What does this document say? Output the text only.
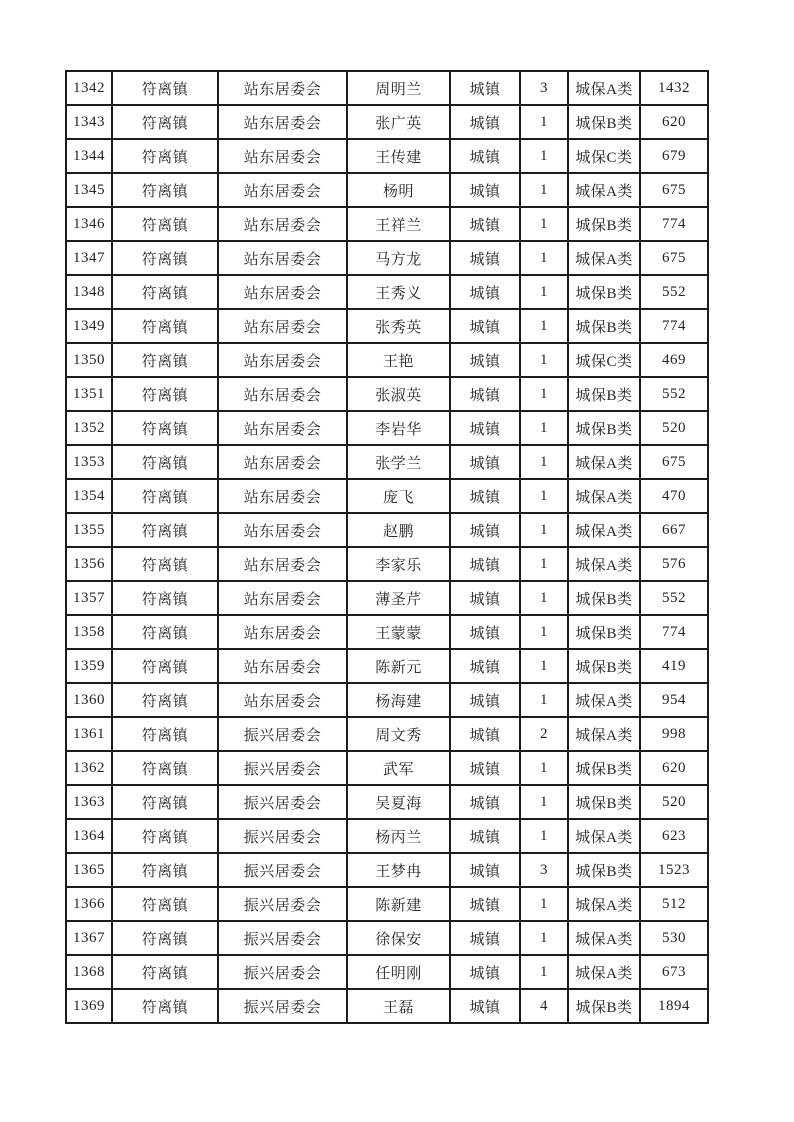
1342	符离镇	站东居委会	周明兰	城镇	3	城保A类	1432
1343	符离镇	站东居委会	张广英	城镇	1	城保B类	620
1344	符离镇	站东居委会	王传建	城镇	1	城保C类	679
1345	符离镇	站东居委会	杨明	城镇	1	城保A类	675
1346	符离镇	站东居委会	王祥兰	城镇	1	城保B类	774
1347	符离镇	站东居委会	马方龙	城镇	1	城保A类	675
1348	符离镇	站东居委会	王秀义	城镇	1	城保B类	552
1349	符离镇	站东居委会	张秀英	城镇	1	城保B类	774
1350	符离镇	站东居委会	王艳	城镇	1	城保C类	469
1351	符离镇	站东居委会	张淑英	城镇	1	城保B类	552
1352	符离镇	站东居委会	李岩华	城镇	1	城保B类	520
1353	符离镇	站东居委会	张学兰	城镇	1	城保A类	675
1354	符离镇	站东居委会	庞飞	城镇	1	城保A类	470
1355	符离镇	站东居委会	赵鹏	城镇	1	城保A类	667
1356	符离镇	站东居委会	李家乐	城镇	1	城保A类	576
1357	符离镇	站东居委会	薄圣芹	城镇	1	城保B类	552
1358	符离镇	站东居委会	王蒙蒙	城镇	1	城保B类	774
1359	符离镇	站东居委会	陈新元	城镇	1	城保B类	419
1360	符离镇	站东居委会	杨海建	城镇	1	城保A类	954
1361	符离镇	振兴居委会	周文秀	城镇	2	城保A类	998
1362	符离镇	振兴居委会	武军	城镇	1	城保B类	620
1363	符离镇	振兴居委会	吴夏海	城镇	1	城保B类	520
1364	符离镇	振兴居委会	杨丙兰	城镇	1	城保A类	623
1365	符离镇	振兴居委会	王梦冉	城镇	3	城保B类	1523
1366	符离镇	振兴居委会	陈新建	城镇	1	城保A类	512
1367	符离镇	振兴居委会	徐保安	城镇	1	城保A类	530
1368	符离镇	振兴居委会	任明刚	城镇	1	城保A类	673
1369	符离镇	振兴居委会	王磊	城镇	4	城保B类	1894
